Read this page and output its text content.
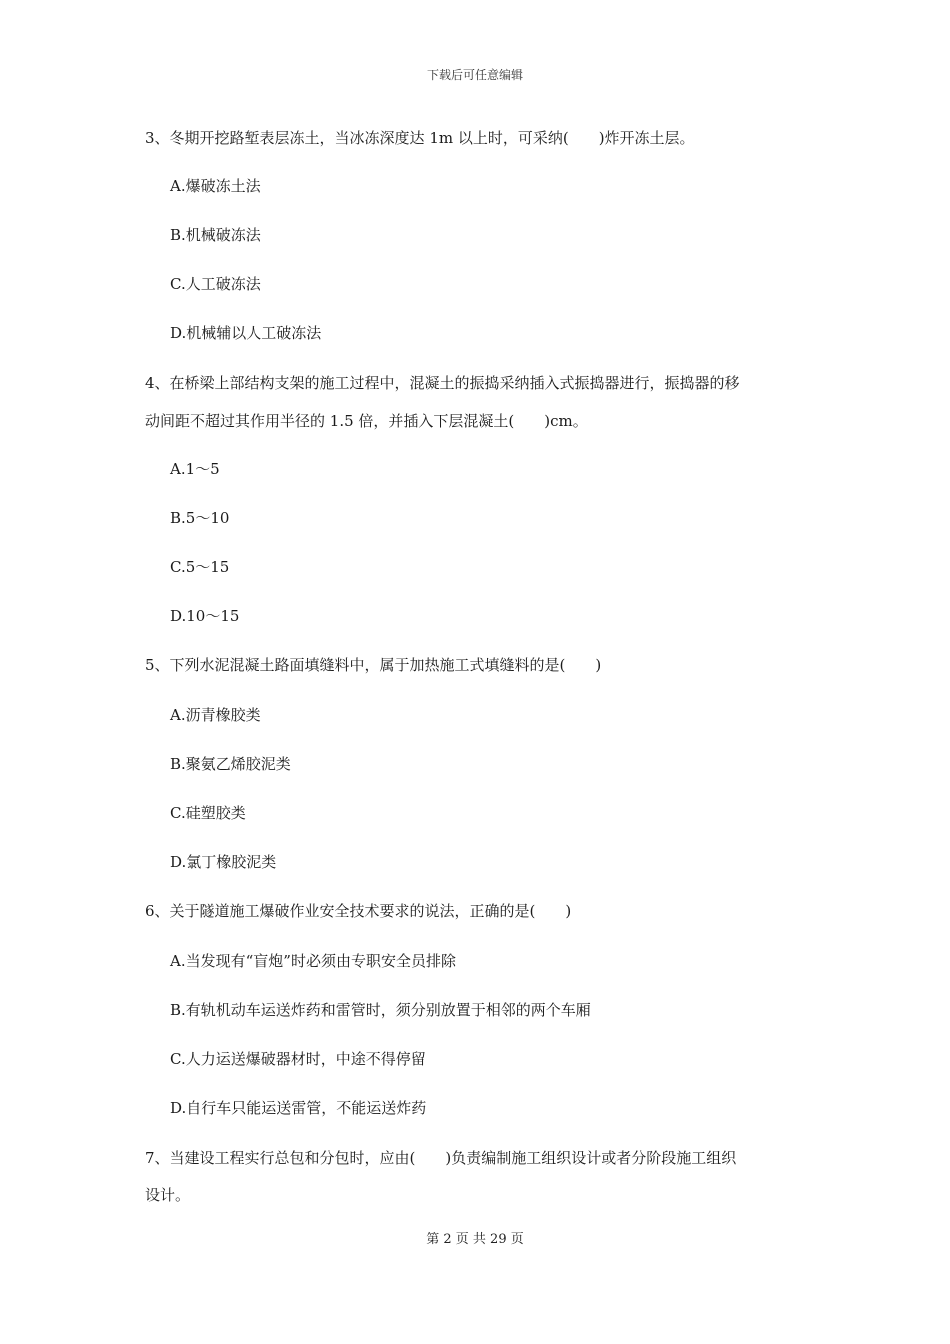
下载后可任意编辑
3、冬期开挖路堑表层冻土，当冰冻深度达 1m 以上时，可采纳(　　)炸开冻土层。
A.爆破冻土法
B.机械破冻法
C.人工破冻法
D.机械辅以人工破冻法
4、在桥梁上部结构支架的施工过程中，混凝土的振捣采纳插入式振捣器进行，振捣器的移
动间距不超过其作用半径的 1.5 倍，并插入下层混凝土(　　)cm。
A.1～5
B.5～10
C.5～15
D.10～15
5、下列水泥混凝土路面填缝料中，属于加热施工式填缝料的是(　　)
A.沥青橡胶类
B.聚氨乙烯胶泥类
C.硅塑胶类
D.氯丁橡胶泥类
6、关于隧道施工爆破作业安全技术要求的说法，正确的是(　　)
A.当发现有“盲炮”时必须由专职安全员排除
B.有轨机动车运送炸药和雷管时，须分别放置于相邻的两个车厢
C.人力运送爆破器材时，中途不得停留
D.自行车只能运送雷管，不能运送炸药
7、当建设工程实行总包和分包时，应由(　　)负责编制施工组织设计或者分阶段施工组织
设计。
第 2 页 共 29 页
